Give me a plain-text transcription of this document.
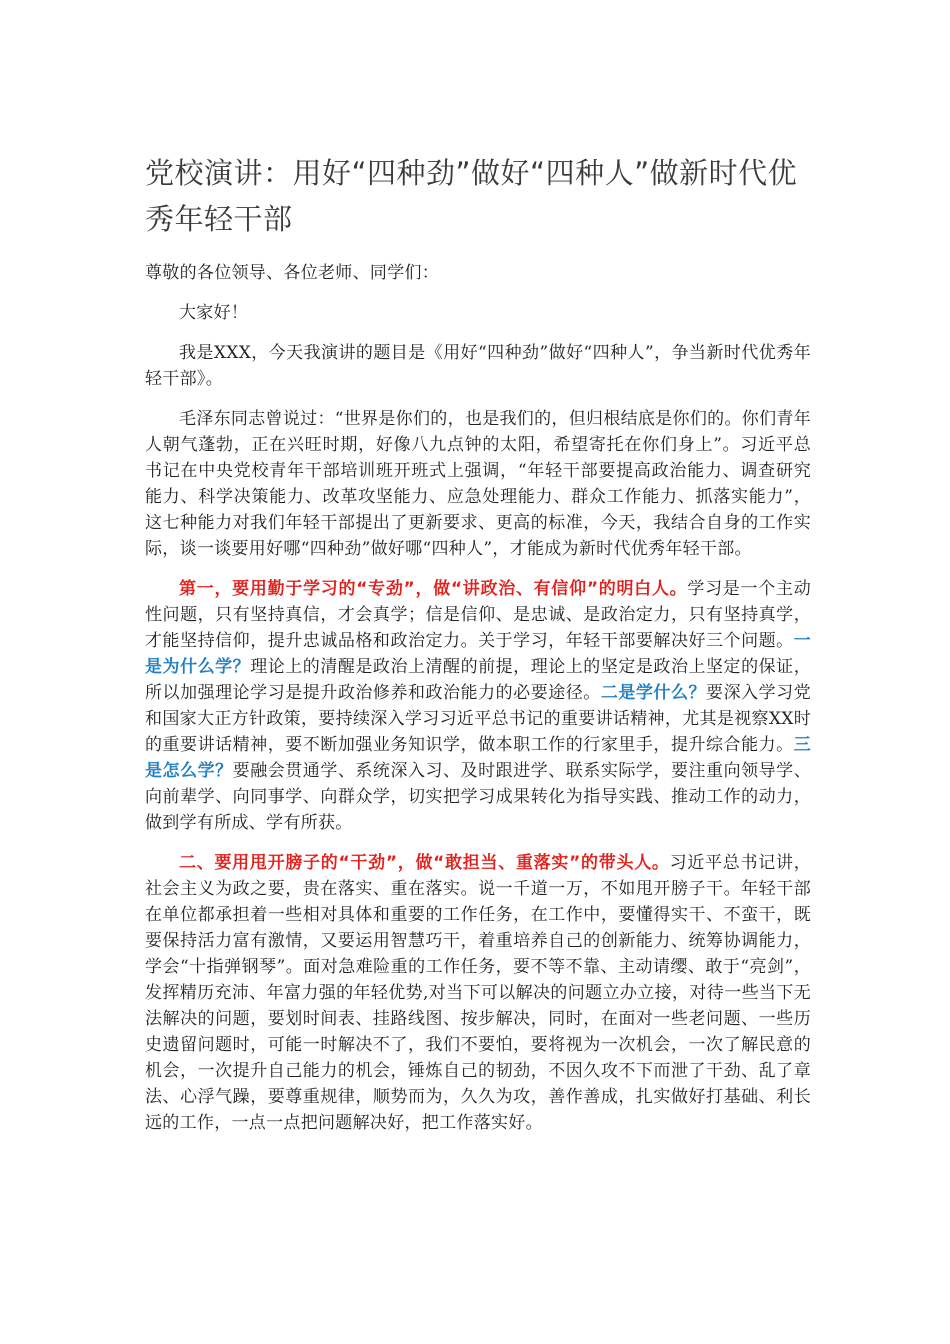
党校演讲：用好“四种劲”做好“四种人”做新时代优秀年轻干部

尊敬的各位领导、各位老师、同学们：

大家好！

我是XXX，今天我演讲的题目是《用好“四种劲”做好“四种人”，争当新时代优秀年轻干部》。

毛泽东同志曾说过：“世界是你们的，也是我们的，但归根结底是你们的。你们青年人朝气蓬勃，正在兴旺时期，好像八九点钟的太阳，希望寄托在你们身上”。习近平总书记在中央党校青年干部培训班开班式上强调，“年轻干部要提高政治能力、调查研究能力、科学决策能力、改革攻坚能力、应急处理能力、群众工作能力、抓落实能力”，这七种能力对我们年轻干部提出了更新要求、更高的标准，今天，我结合自身的工作实际，谈一谈要用好哪“四种劲”做好哪“四种人”，才能成为新时代优秀年轻干部。

第一，要用勤于学习的“专劲”，做“讲政治、有信仰”的明白人。学习是一个主动性问题，只有坚持真信，才会真学；信是信仰、是忠诚、是政治定力，只有坚持真学，才能坚持信仰，提升忠诚品格和政治定力。关于学习，年轻干部要解决好三个问题。一是为什么学？理论上的清醒是政治上清醒的前提，理论上的坚定是政治上坚定的保证，所以加强理论学习是提升政治修养和政治能力的必要途径。二是学什么？要深入学习党和国家大正方针政策，要持续深入学习习近平总书记的重要讲话精神，尤其是视察XX时的重要讲话精神，要不断加强业务知识学，做本职工作的行家里手，提升综合能力。三是怎么学？要融会贯通学、系统深入习、及时跟进学、联系实际学，要注重向领导学、向前辈学、向同事学、向群众学，切实把学习成果转化为指导实践、推动工作的动力，做到学有所成、学有所获。

二、要用甩开膀子的“干劲”，做“敢担当、重落实”的带头人。习近平总书记讲，社会主义为政之要，贵在落实、重在落实。说一千道一万，不如甩开膀子干。年轻干部在单位都承担着一些相对具体和重要的工作任务，在工作中，要懂得实干、不蛮干，既要保持活力富有激情，又要运用智慧巧干，着重培养自己的创新能力、统筹协调能力，学会“十指弹钢琴”。面对急难险重的工作任务，要不等不靠、主动请缨、敢于“亮剑”，发挥精历充沛、年富力强的年轻优势,对当下可以解决的问题立办立接，对待一些当下无法解决的问题，要划时间表、挂路线图、按步解决，同时，在面对一些老问题、一些历史遗留问题时，可能一时解决不了，我们不要怕，要将视为一次机会，一次了解民意的机会，一次提升自己能力的机会，锤炼自己的韧劲，不因久攻不下而泄了干劲、乱了章法、心浮气躁，要尊重规律，顺势而为，久久为攻，善作善成，扎实做好打基础、利长远的工作，一点一点把问题解决好，把工作落实好。
